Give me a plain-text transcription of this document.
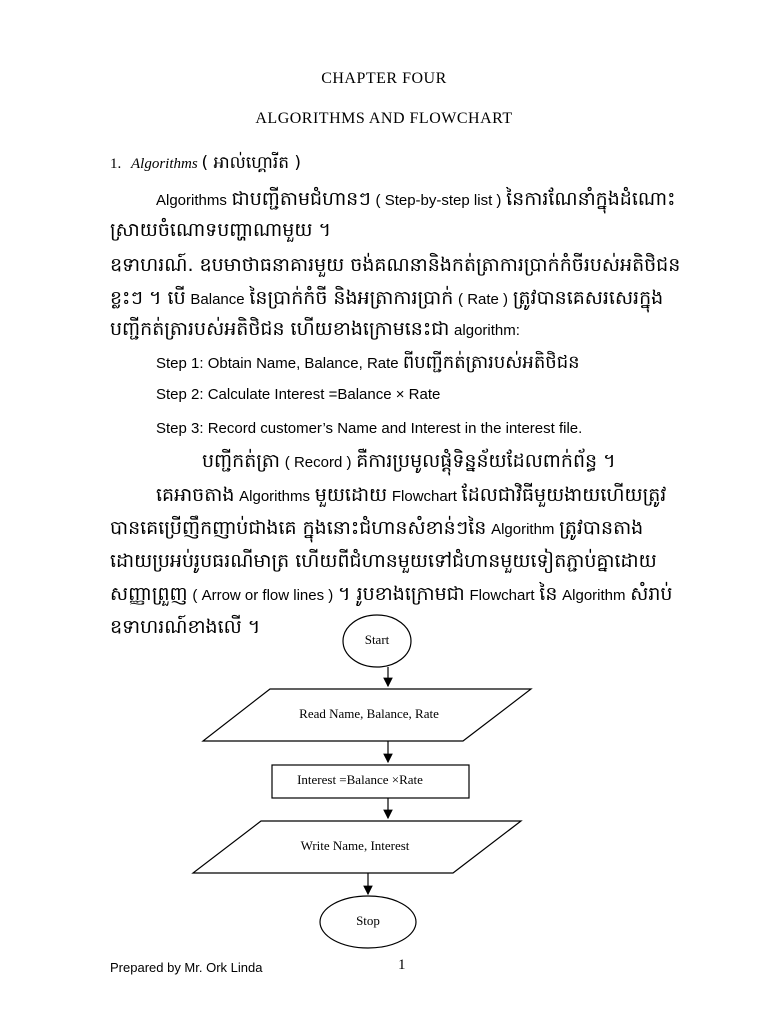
CHAPTER FOUR
ALGORITHMS AND FLOWCHART
1. Algorithms ( អាល់ហ្គោរីត )
Algorithms ជាបញ្ជីតាមជំហានៗ ( Step-by-step list ) នៃការណែនាំក្នុងដំណោះ
ស្រាយចំណោទបញ្ហាណាមួយ ។
ឧទាហរណ៍. ឧបមាថាធនាគារមួយ ចង់គណនានិងកត់ត្រាការប្រាក់កំចីរបស់អតិថិជន
ខ្លះៗ ។ បើ Balance នៃប្រាក់កំចី និងអត្រាការប្រាក់ ( Rate ) ត្រូវបានគេសរសេរក្នុង
បញ្ជីកត់ត្រារបស់អតិថិជន ហើយខាងក្រោមនេះជា algorithm:
Step 1: Obtain Name, Balance, Rate ពីបញ្ជីកត់ត្រារបស់អតិថិជន
Step 2: Calculate Interest =Balance × Rate
Step 3: Record customer’s Name and Interest in the interest file.
បញ្ជីកត់ត្រា ( Record ) គឺការប្រមូលផ្ដុំទិន្នន័យដែលពាក់ព័ន្ធ ។
គេអាចតាង Algorithms មួយដោយ Flowchart ដែលជាវិធីមួយងាយហើយត្រូវ
បានគេប្រើញឹកញាប់ជាងគេ ក្នុងនោះជំហានសំខាន់ៗនៃ Algorithm ត្រូវបានតាង
ដោយប្រអប់រូបធរណីមាត្រ ហើយពីជំហានមួយទៅជំហានមួយទៀតភ្ជាប់គ្នាដោយ
សញ្ញាព្រួញ ( Arrow or flow lines ) ។ រូបខាងក្រោមជា Flowchart នៃ Algorithm សំរាប់
ឧទាហរណ៍ខាងលើ ។
Start
Read Name, Balance, Rate
Interest =Balance ×Rate
Write Name, Interest
Stop
Prepared by Mr. Ork Linda	1
